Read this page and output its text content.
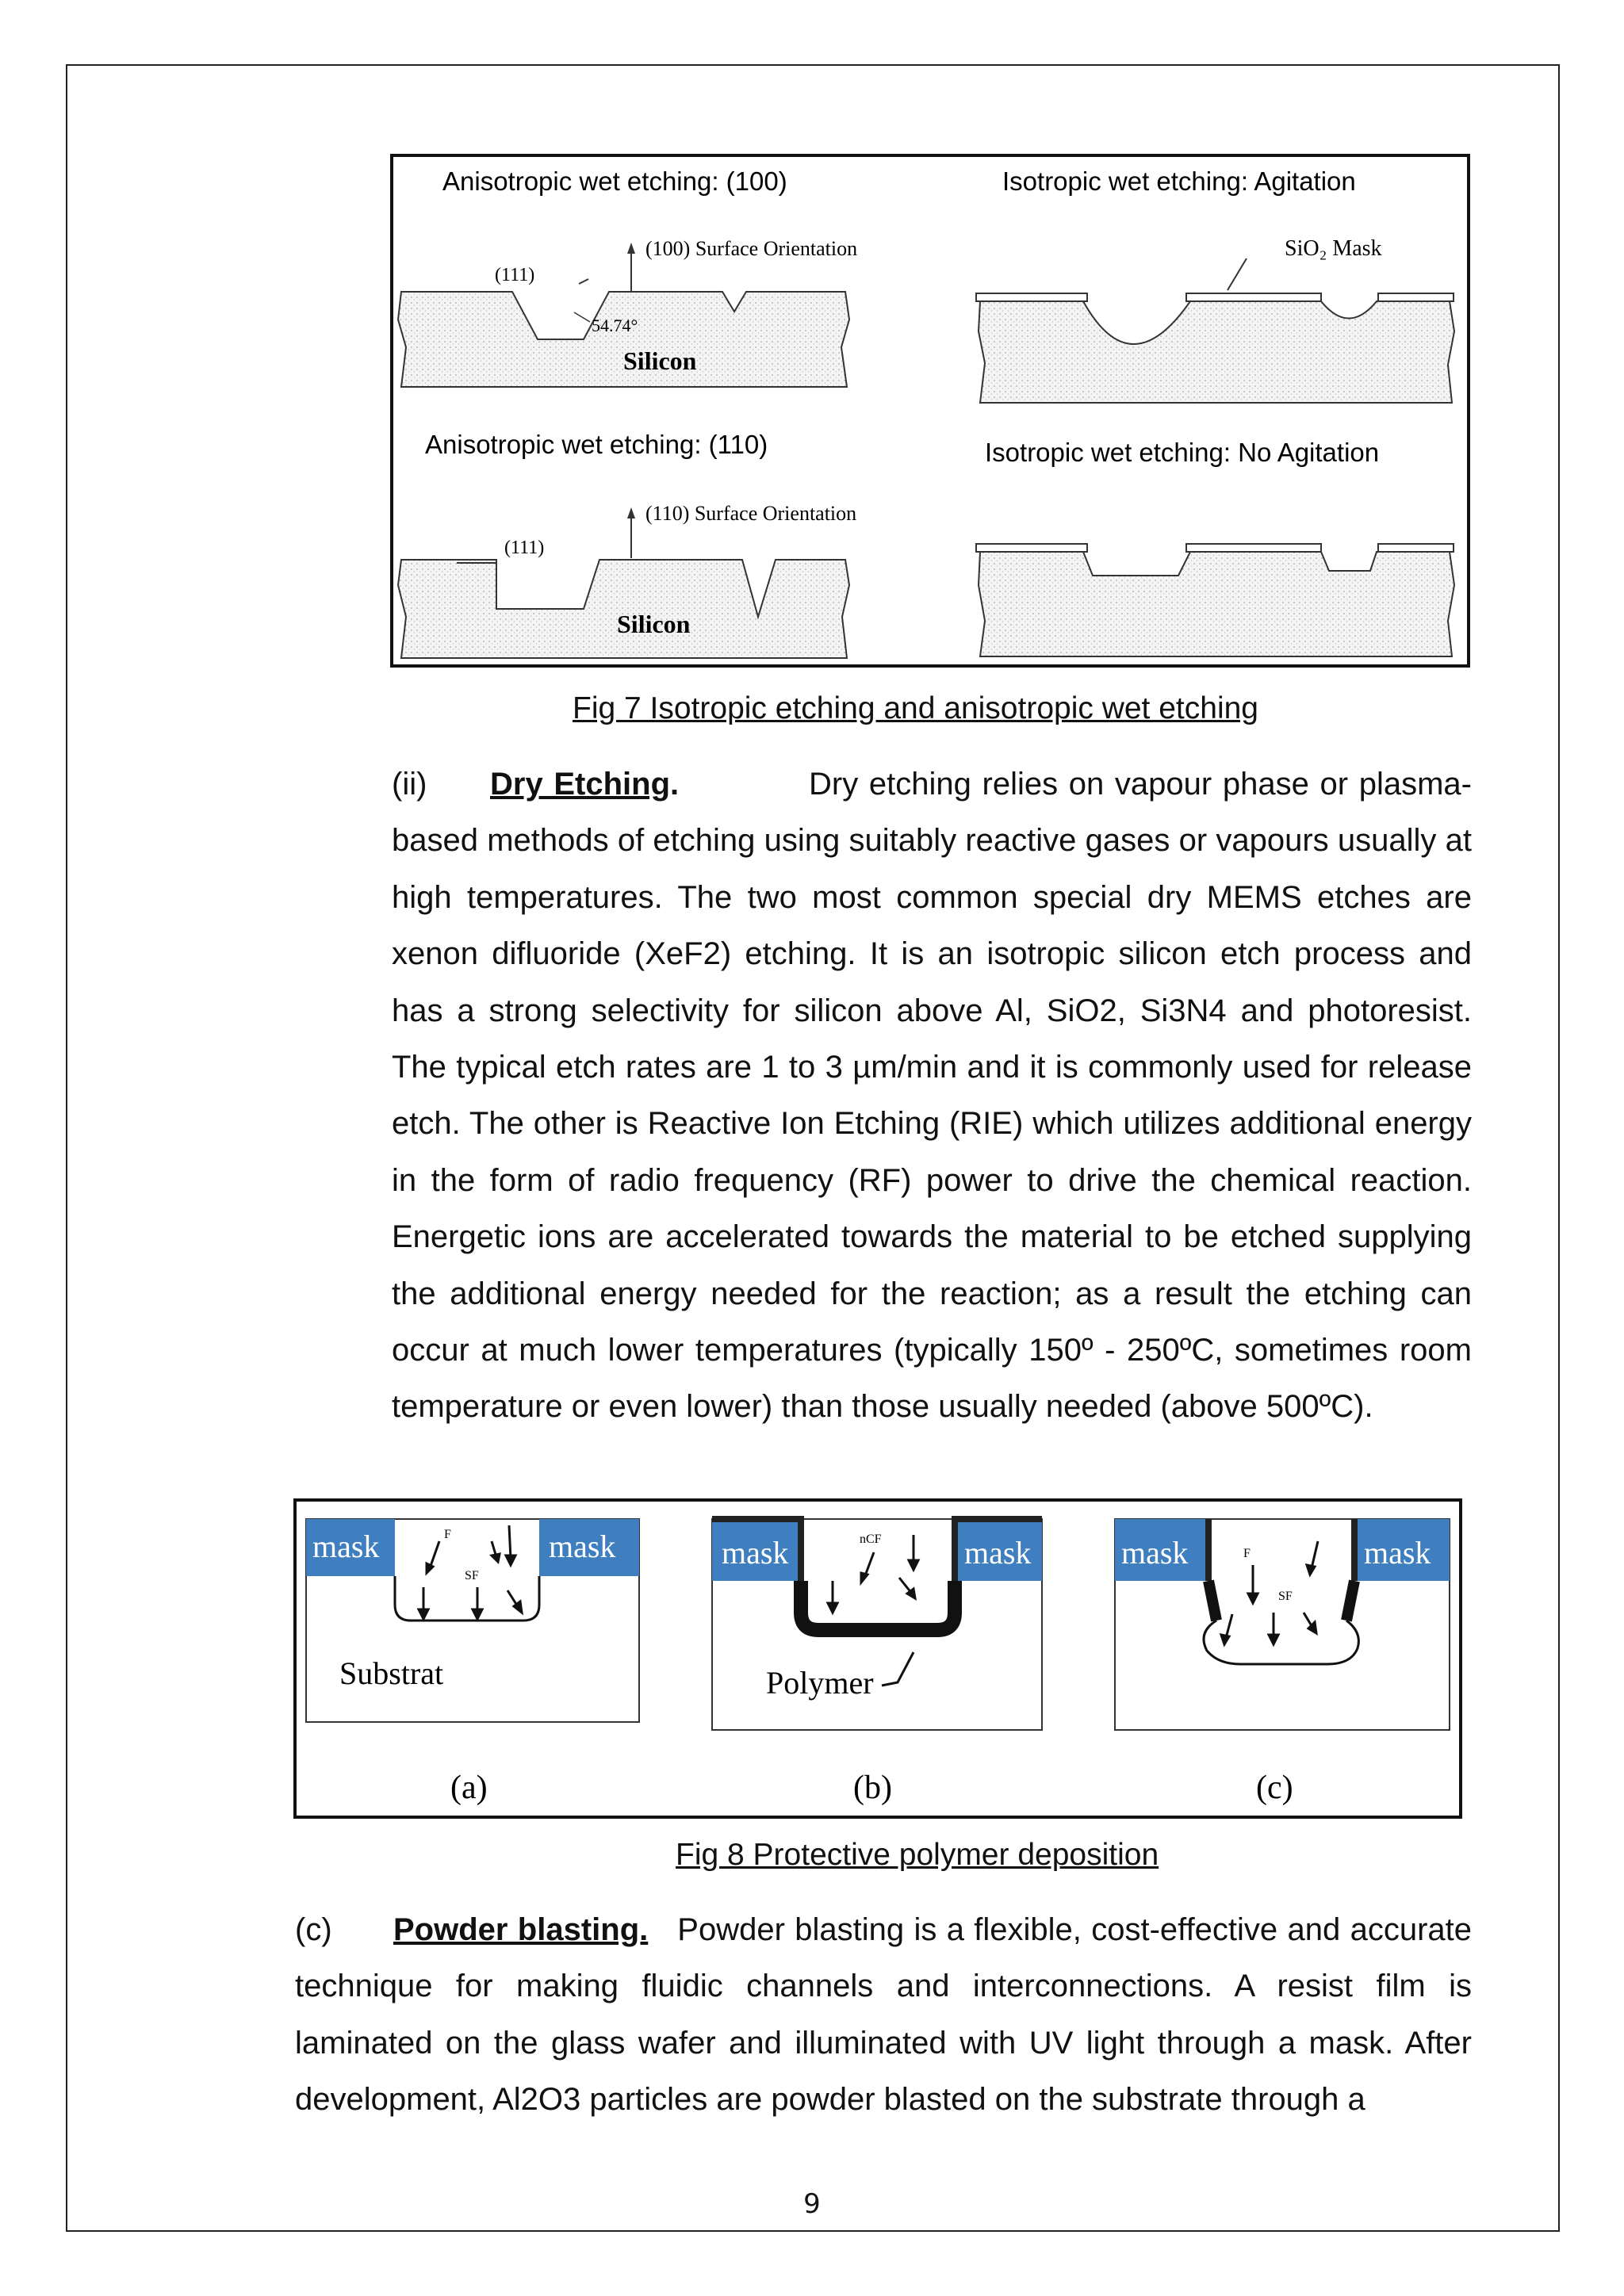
Anisotropic wet etching: (100)	Isotropic wet etching: Agitation
Anisotropic wet etching: (110)	Isotropic wet etching: No Agitation
(100) Surface Orientation
(111)
54.74°
Silicon
SiO₂ Mask
(110) Surface Orientation
(111)
Silicon
Fig 7 Isotropic etching and anisotropic wet etching
(ii) Dry Etching.	Dry etching relies on vapour phase or plasma-based methods of etching using suitably reactive gases or vapours usually at high temperatures. The two most common special dry MEMS etches are xenon difluoride (XeF2) etching. It is an isotropic silicon etch process and has a strong selectivity for silicon above Al, SiO2, Si3N4 and photoresist. The typical etch rates are 1 to 3 µm/min and it is commonly used for release etch. The other is Reactive Ion Etching (RIE) which utilizes additional energy in the form of radio frequency (RF) power to drive the chemical reaction. Energetic ions are accelerated towards the material to be etched supplying the additional energy needed for the reaction; as a result the etching can occur at much lower temperatures (typically 150º - 250ºC, sometimes room temperature or even lower) than those usually needed (above 500ºC).
mask	mask
F
SF
Substrat
(a)
mask	mask
nCF
Polymer
(b)
mask	mask
F
SF
(c)
Fig 8 Protective polymer deposition
(c) Powder blasting. Powder blasting is a flexible, cost-effective and accurate technique for making fluidic channels and interconnections. A resist film is laminated on the glass wafer and illuminated with UV light through a mask. After development, Al2O3 particles are powder blasted on the substrate through a
9
